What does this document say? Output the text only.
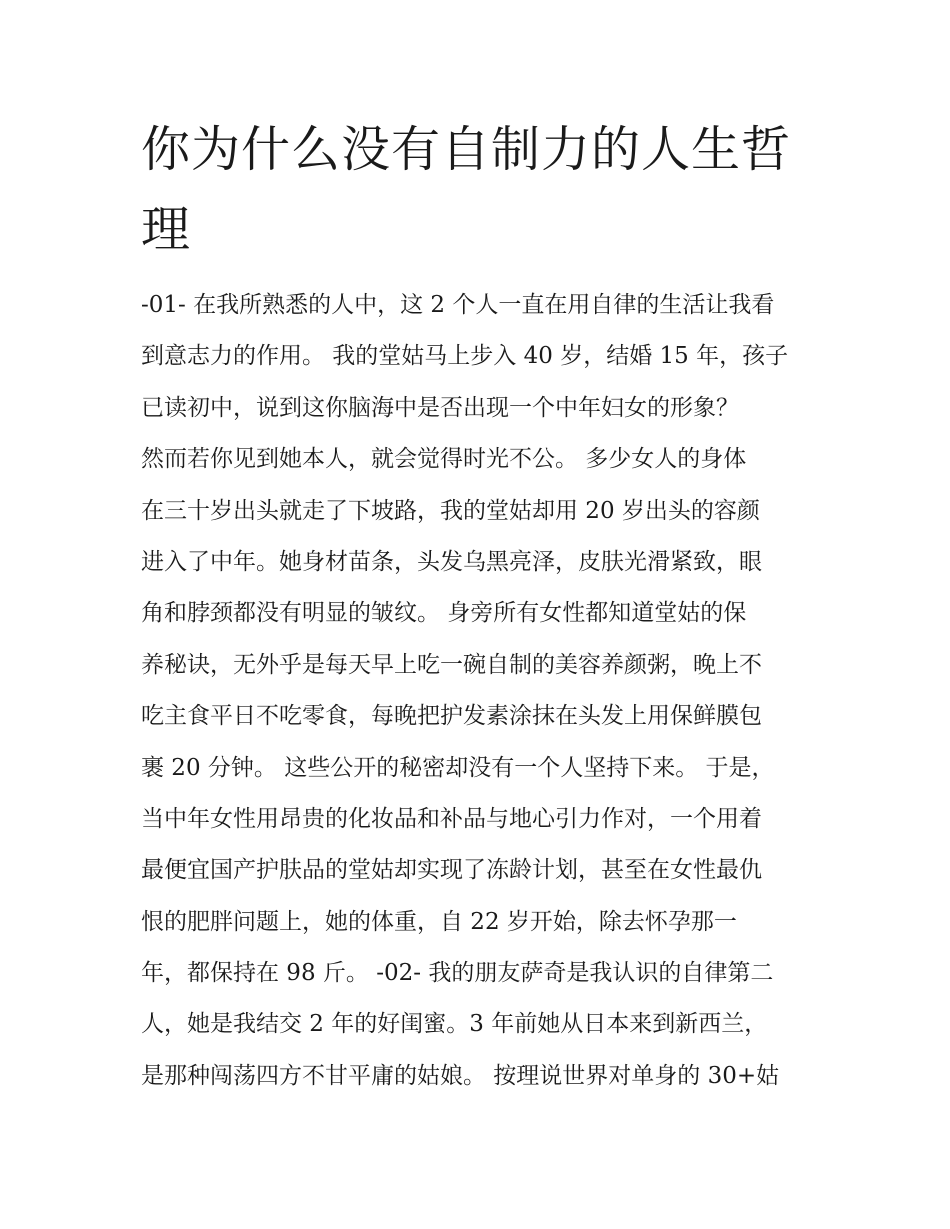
你为什么没有自制力的人生哲
理
-01- 在我所熟悉的人中，这 2 个人一直在用自律的生活让我看
到意志力的作用。 我的堂姑马上步入 40 岁，结婚 15 年，孩子
已读初中，说到这你脑海中是否出现一个中年妇女的形象？
然而若你见到她本人，就会觉得时光不公。 多少女人的身体
在三十岁出头就走了下坡路，我的堂姑却用 20 岁出头的容颜
进入了中年。她身材苗条，头发乌黑亮泽，皮肤光滑紧致，眼
角和脖颈都没有明显的皱纹。 身旁所有女性都知道堂姑的保
养秘诀，无外乎是每天早上吃一碗自制的美容养颜粥，晚上不
吃主食平日不吃零食，每晚把护发素涂抹在头发上用保鲜膜包
裹 20 分钟。 这些公开的秘密却没有一个人坚持下来。 于是，
当中年女性用昂贵的化妆品和补品与地心引力作对，一个用着
最便宜国产护肤品的堂姑却实现了冻龄计划，甚至在女性最仇
恨的肥胖问题上，她的体重，自 22 岁开始，除去怀孕那一
年，都保持在 98 斤。 -02- 我的朋友萨奇是我认识的自律第二
人，她是我结交 2 年的好闺蜜。3 年前她从日本来到新西兰，
是那种闯荡四方不甘平庸的姑娘。 按理说世界对单身的 30+姑
